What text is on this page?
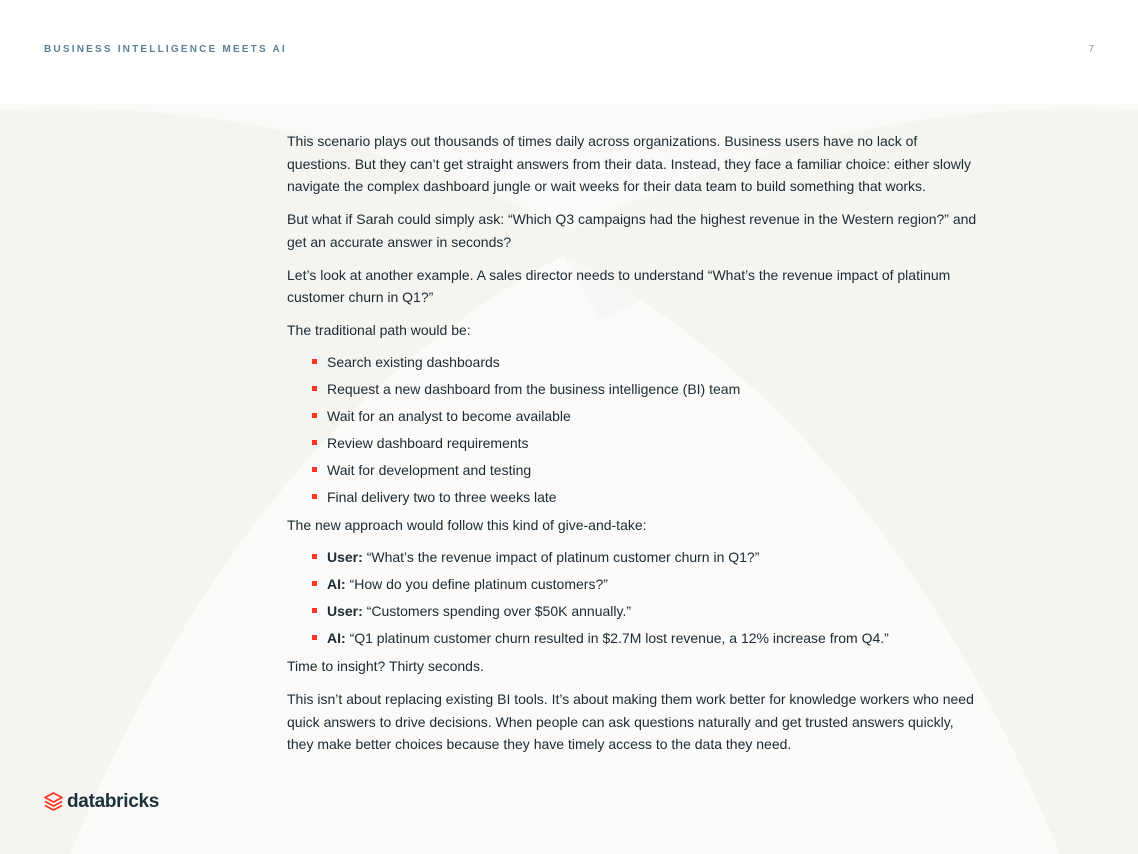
BUSINESS INTELLIGENCE MEETS AI	7

This scenario plays out thousands of times daily across organizations. Business users have no lack of questions. But they can’t get straight answers from their data. Instead, they face a familiar choice: either slowly navigate the complex dashboard jungle or wait weeks for their data team to build something that works.

But what if Sarah could simply ask: “Which Q3 campaigns had the highest revenue in the Western region?” and get an accurate answer in seconds?

Let’s look at another example. A sales director needs to understand “What’s the revenue impact of platinum customer churn in Q1?”

The traditional path would be:

Search existing dashboards
Request a new dashboard from the business intelligence (BI) team
Wait for an analyst to become available
Review dashboard requirements
Wait for development and testing
Final delivery two to three weeks late

The new approach would follow this kind of give-and-take:

User: “What’s the revenue impact of platinum customer churn in Q1?”
AI: “How do you define platinum customers?”
User: “Customers spending over $50K annually.”
AI: “Q1 platinum customer churn resulted in $2.7M lost revenue, a 12% increase from Q4.”

Time to insight? Thirty seconds.

This isn’t about replacing existing BI tools. It’s about making them work better for knowledge workers who need quick answers to drive decisions. When people can ask questions naturally and get trusted answers quickly, they make better choices because they have timely access to the data they need.

databricks
